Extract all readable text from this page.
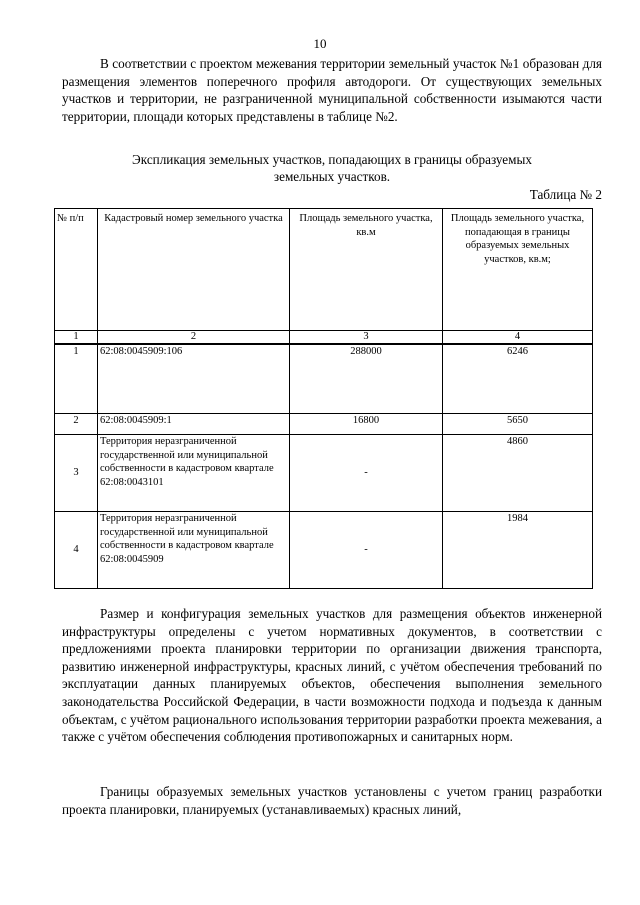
10

В соответствии с проектом межевания территории земельный участок №1 образован для размещения элементов поперечного профиля автодороги. От существующих земельных участков и территории, не разграниченной муниципальной собственности изымаются части территории, площади которых представлены в таблице №2.

Экспликация земельных участков, попадающих в границы образуемых
земельных участков.
Таблица № 2
№ п/п	Кадастровый номер земельного участка	Площадь земельного участка, кв.м	Площадь земельного участка, попадающая в границы образуемых земельных участков, кв.м;
1	2	3	4
1	62:08:0045909:106	288000	6246
2	62:08:0045909:1	16800	5650
3	Территория неразграниченной государственной или муниципальной собственности в кадастровом квартале 62:08:0043101	-	4860
4	Территория неразграниченной государственной или муниципальной собственности в кадастровом квартале 62:08:0045909	-	1984

Размер и конфигурация земельных участков для размещения объектов инженерной инфраструктуры определены с учетом нормативных документов, в соответствии с предложениями проекта планировки территории по организации движения транспорта, развитию инженерной инфраструктуры, красных линий, с учётом обеспечения требований по эксплуатации данных планируемых объектов, обеспечения выполнения земельного законодательства Российской Федерации, в части возможности подхода и подъезда к данным объектам, с учётом рационального использования территории разработки проекта межевания, а также с учётом обеспечения соблюдения противопожарных и санитарных норм.

Границы образуемых земельных участков установлены с учетом границ разработки проекта планировки, планируемых (устанавливаемых) красных линий,
